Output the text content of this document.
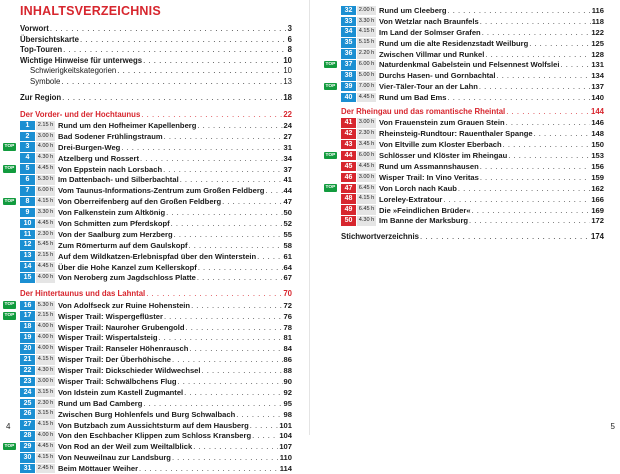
INHALTSVERZEICHNIS
Vorwort . . .	3
Übersichtskarte . . .	6
Top-Touren . . .	8
Wichtige Hinweise für unterwegs . . .	10
Schwierigkeitskategorien . . .	10
Symbole . . .	13
Zur Region . . .	18
Der Vorder- und der Hochtaunus . . .	22
1	2.15 h Rund um den Hofheimer Kapellenberg . . .	24
2	3.00 h Bad Sodener Frühlingstraum . . .	27
TOP	3	4.00 h Drei-Burgen-Weg . . .	31
4	4.30 h Atzelberg und Rossert . . .	34
TOP	5	4.45 h Von Eppstein nach Lorsbach . . .	37
6	5.30 h Im Dattenbach- und Silberbachtal . . .	41
7	6.00 h Vom Taunus-Informations-Zentrum zum Großen Feldberg . . .	44
TOP	8	4.15 h Von Oberreifenberg auf den Großen Feldberg . . .	47
9	3.30 h Von Falkenstein zum Altkönig . . .	50
10	4.45 h Von Schmitten zum Pferdskopf . . .	52
11	2.30 h Von der Saalburg zum Herzberg . . .	55
12	5.45 h Zum Römerturm auf dem Gaulskopf . . .	58
13	2.15 h Auf dem Wildkatzen-Erlebnispfad über den Winterstein . . .	61
14	4.45 h Über die Hohe Kanzel zum Kellerskopf . . .	64
15	4.00 h Von Neroberg zum Jagdschloss Platte . . .	67
Der Hintertaunus und das Lahntal . . .	70
TOP	16	5.30 h Von Adolfseck zur Ruine Hohenstein . . .	72
TOP	17	2.15 h Wisper Trail: Wispergeflüster . . .	76
18	4.00 h Wisper Trail: Nauroher Grubengold . . .	78
19	4.00 h Wisper Trail: Wispertalsteig . . .	81
20	4.00 h Wisper Trail: Ranseler Höhenrausch . . .	84
21	4.15 h Wisper Trail: Der Überhöhische . . .	86
22	4.30 h Wisper Trail: Dickschieder Wildwechsel . . .	88
23	3.00 h Wisper Trail: Schwälbchens Flug . . .	90
24	3.15 h Von Idstein zum Kastell Zugmantel . . .	92
25	2.30 h Rund um Bad Camberg . . .	95
26	3.15 h Zwischen Burg Hohlenfels und Burg Schwalbach . . .	98
27	4.15 h Von Butzbach zum Aussichtsturm auf dem Hausberg . . .	101
28	4.00 h Von den Eschbacher Klippen zum Schloss Kransberg . . .	104
TOP	29	4.45 h Von Rod an der Weil zum Weiltalblick . . .	107
30	4.15 h Von Neuweilnau zur Landsburg . . .	110
31	2.45 h Beim Möttauer Weiher . . .	114
4
32	2.00 h Rund um Cleeberg . . .	116
33	3.30 h Von Wetzlar nach Braunfels . . .	118
34	4.15 h Im Land der Solmser Grafen . . .	122
35	5.15 h Rund um die alte Residenzstadt Weilburg . . .	125
36	2.20 h Zwischen Villmar und Runkel . . .	128
TOP	37	6.00 h Naturdenkmal Gabelstein und Felsennest Wolfslei . . .	131
38	5.00 h Durchs Hasen- und Gornbachtal . . .	134
TOP	39	7.00 h Vier-Täler-Tour an der Lahn . . .	137
40	4.45 h Rund um Bad Ems . . .	140
Der Rheingau und das romantische Rheintal . . .	144
41	3.00 h Von Frauenstein zum Grauen Stein . . .	146
42	2.30 h Rheinsteig-Rundtour: Rauenthaler Spange . . .	148
43	3.45 h Von Eltville zum Kloster Eberbach . . .	150
TOP	44	6.00 h Schlösser und Klöster im Rheingau . . .	153
45	4.45 h Rund um Assmannshausen . . .	156
46	3.00 h Wisper Trail: In Vino Veritas . . .	159
TOP	47	6.45 h Von Lorch nach Kaub . . .	162
48	4.15 h Loreley-Extratour . . .	166
49	6.45 h Die »Feindlichen Brüder« . . .	169
50	4.30 h Im Banne der Marksburg . . .	172
Stichwortverzeichnis . . .	174
5
